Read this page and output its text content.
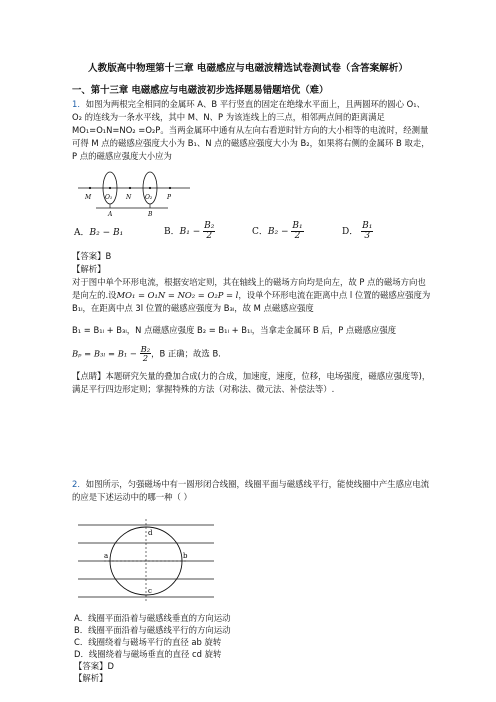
人教版高中物理第十三章 电磁感应与电磁波精选试卷测试卷（含答案解析）
一、第十三章 电磁感应与电磁波初步选择题易错题培优（难）
1．如图为两根完全相同的金属环 A、B 平行竖直的固定在绝缘水平面上，且两圆环的圆心 O₁、O₂ 的连线为一条水平线，其中 M、N、P 为该连线上的三点，相邻两点间的距离满足 MO₁=O₁N=NO₂ =O₂P。当两金属环中通有从左向右看逆时针方向的大小相等的电流时，经测量可得 M 点的磁感应强度大小为 B₁、N 点的磁感应强度大小为 B₂，如果将右侧的金属环 B 取走，P 点的磁感应强度大小应为
M O₁ N O₂ P
A	B
A．B₂ − B₁	B．$B_1 - \frac{\text{B₂}}{2}$	C．$B_2 - \frac{\text{B₁}}{2}$	D． $\frac{\text{B₁}}{3}$
【答案】B
【解析】
对于图中单个环形电流，根据安培定则，其在轴线上的磁场方向均是向左，故 P 点的磁场方向也是向左的.设MO₁ = O₁N = NO₂ = O₂P = l，设单个环形电流在距离中点 l 位置的磁感应强度为 B₁ₗ，在距离中点 3l 位置的磁感应强度为 B₃ₗ，故 M 点磁感应强度
B₁ = B₁ₗ + B₃ₗ，N 点磁感应强度 B₂ = B₁ₗ + B₁ₗ，当拿走金属环 B 后，P 点磁感应强度
$B_p = B_{3l} = B_1 - \frac{\text{B₂}}{2}$ ，B 正确；故选 B.
【点睛】本题研究矢量的叠加合成(力的合成，加速度，速度，位移，电场强度，磁感应强度等)，满足平行四边形定则；掌握特殊的方法（对称法、微元法、补偿法等）.
2．如图所示，匀强磁场中有一圆形闭合线圈，线圈平面与磁感线平行，能使线圈中产生感应电流的应是下述运动中的哪一种（ ）
d
a	b
c
A．线圈平面沿着与磁感线垂直的方向运动
B．线圈平面沿着与磁感线平行的方向运动
C．线圈绕着与磁场平行的直径 ab 旋转
D．线圈绕着与磁场垂直的直径 cd 旋转
【答案】D
【解析】
